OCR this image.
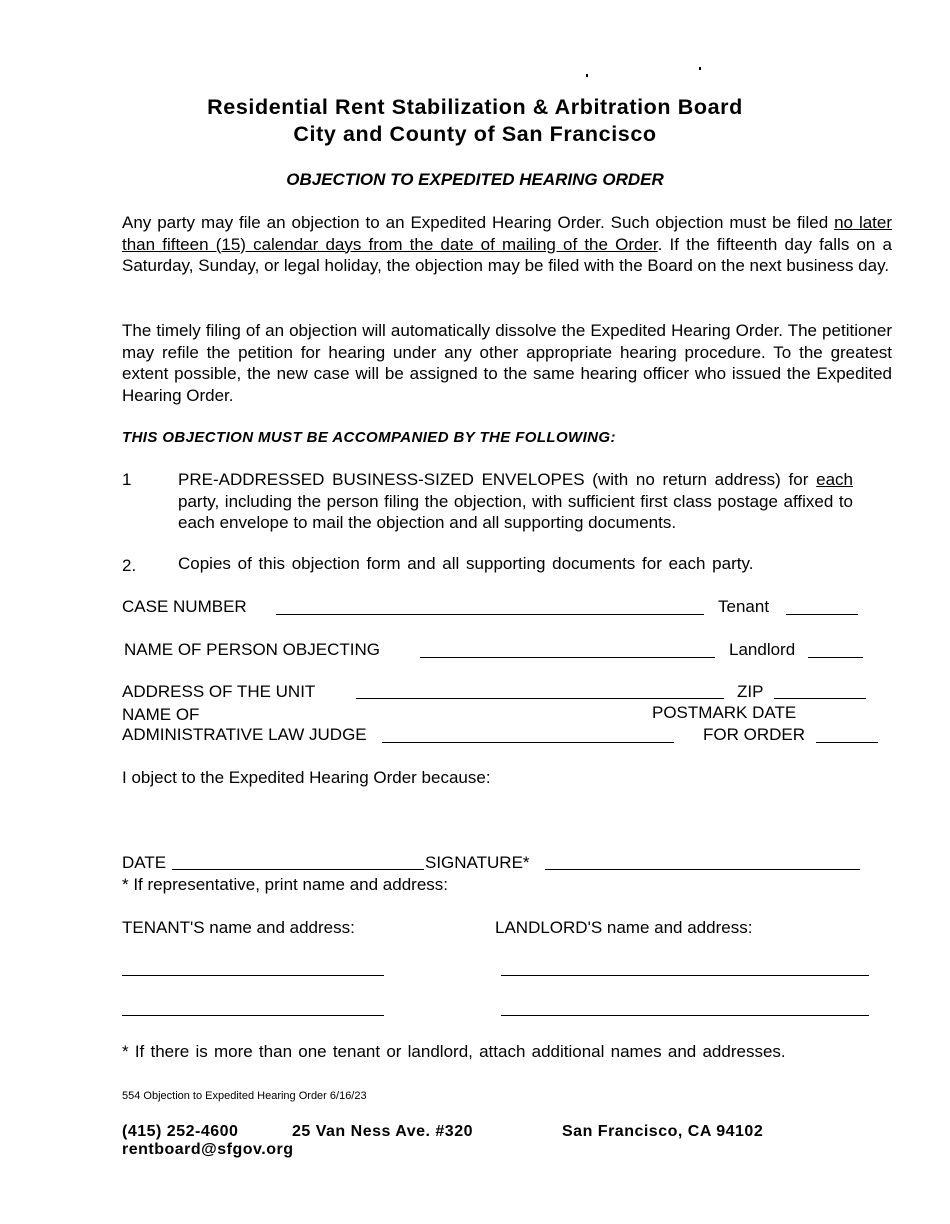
Residential Rent Stabilization & Arbitration Board
City and County of San Francisco
OBJECTION TO EXPEDITED HEARING ORDER
Any party may file an objection to an Expedited Hearing Order. Such objection must be filed no later than fifteen (15) calendar days from the date of mailing of the Order. If the fifteenth day falls on a Saturday, Sunday, or legal holiday, the objection may be filed with the Board on the next business day.
The timely filing of an objection will automatically dissolve the Expedited Hearing Order. The petitioner may refile the petition for hearing under any other appropriate hearing procedure. To the greatest extent possible, the new case will be assigned to the same hearing officer who issued the Expedited Hearing Order.
THIS OBJECTION MUST BE ACCOMPANIED BY THE FOLLOWING:
1	PRE-ADDRESSED BUSINESS-SIZED ENVELOPES (with no return address) for each party, including the person filing the objection, with sufficient first class postage affixed to each envelope to mail the objection and all supporting documents.
2. Copies of this objection form and all supporting documents for each party.
CASE NUMBER	Tenant
NAME OF PERSON OBJECTING	Landlord
ADDRESS OF THE UNIT	ZIP
NAME OF	POSTMARK DATE
ADMINISTRATIVE LAW JUDGE	FOR ORDER
I object to the Expedited Hearing Order because:
DATE	SIGNATURE*
* If representative, print name and address:
TENANT'S name and address:	LANDLORD'S name and address:
* If there is more than one tenant or landlord, attach additional names and addresses.
554 Objection to Expedited Hearing Order 6/16/23
(415) 252-4600	25 Van Ness Ave. #320	San Francisco, CA 94102
rentboard@sfgov.org
